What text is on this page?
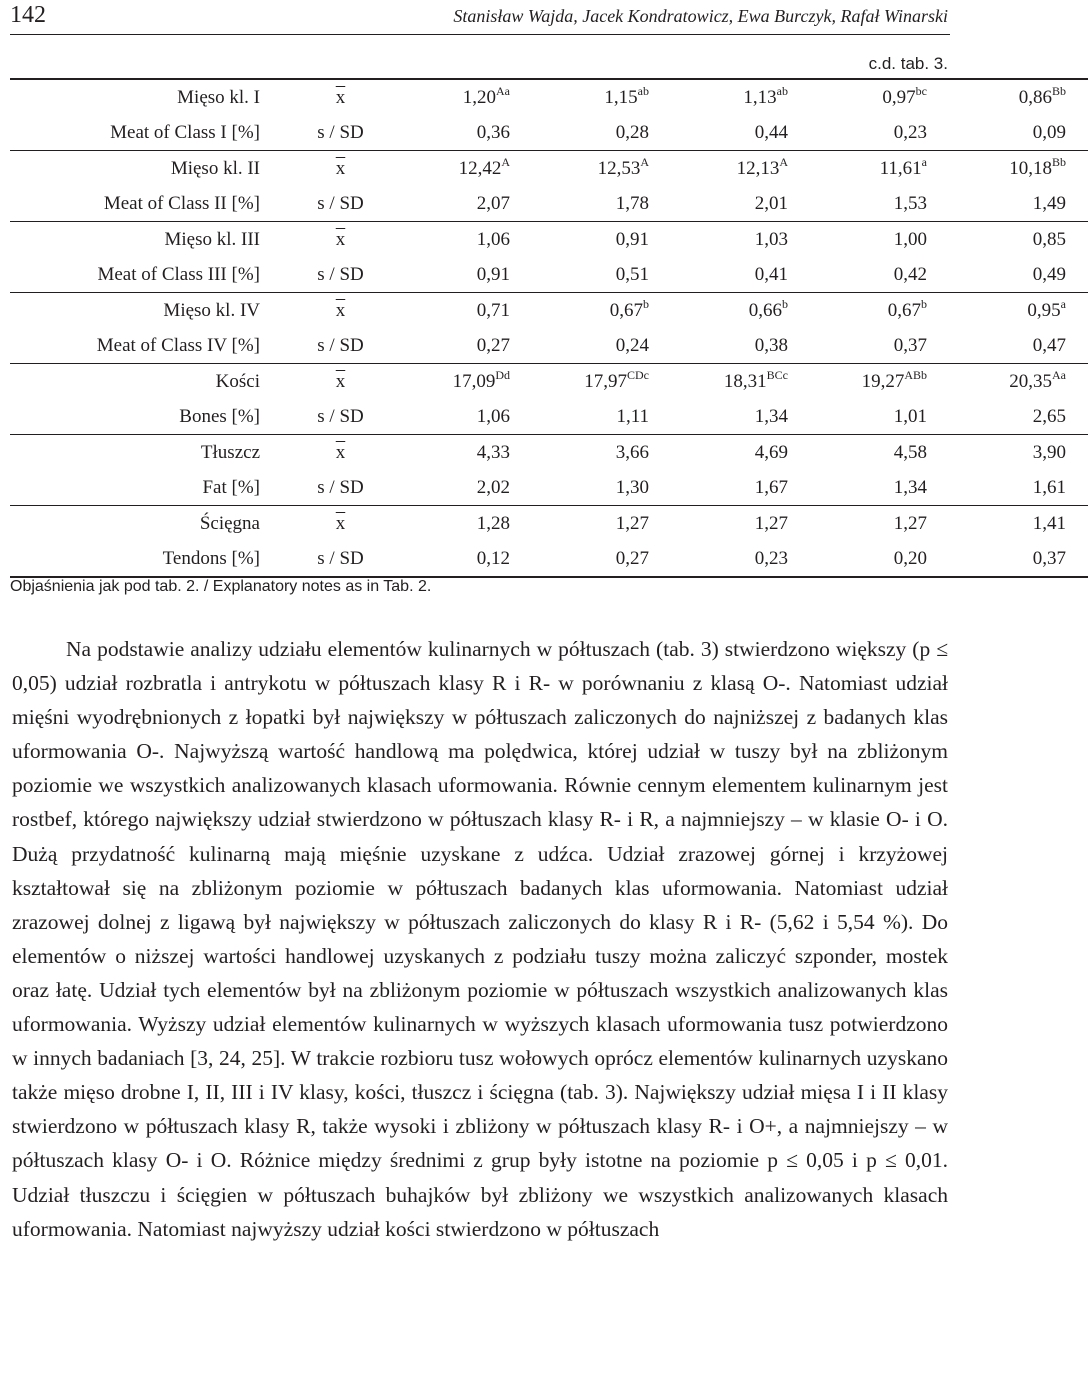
142	Stanisław Wajda, Jacek Kondratowicz, Ewa Burczyk, Rafał Winarski
c.d. tab. 3.
Mięso kl. I	$\overline{x}$	$1,20^{Aa}$	1,15$^{ab}$	1,13$^{ab}$	0,97$^{bc}$	$0,86^{Bb}$
Meat of Class I [%]	s / SD	0,36	0,28	0,44	0,23	0,09
Mięso kl. II	$\overline{x}$	$12,42^A$	$12,53^A$	$12,13^A$	11,61$^a$	$10,18^{Bb}$
Meat of Class II [%]	s / SD	2,07	1,78	2,01	1,53	1,49
Mięso kl. III	$\overline{x}$	1,06	0,91	1,03	1,00	0,85
Meat of Class III [%]	s / SD	0,91	0,51	0,41	0,42	0,49
Mięso kl. IV	$\overline{x}$	0,71	0,67$^b$	0,66$^b$	0,67$^b$	0,95$^a$
Meat of Class IV [%]	s / SD	0,27	0,24	0,38	0,37	0,47
Kości	$\overline{x}$	$17,09^{Dd}$	$17,97^{CDc}$	$18,31^{BCc}$	$19,27^{ABb}$	$20,35^{Aa}$
Bones [%]	s / SD	1,06	1,11	1,34	1,01	2,65
Tłuszcz	$\overline{x}$	4,33	3,66	4,69	4,58	3,90
Fat [%]	s / SD	2,02	1,30	1,67	1,34	1,61
Ścięgna	$\overline{x}$	1,28	1,27	1,27	1,27	1,41
Tendons [%]	s / SD	0,12	0,27	0,23	0,20	0,37
Objaśnienia jak pod tab. 2. / Explanatory notes as in Tab. 2.

Na podstawie analizy udziału elementów kulinarnych w półtuszach (tab. 3) stwierdzono większy (p ≤ 0,05) udział rozbratla i antrykotu w półtuszach klasy R i R- w porównaniu z klasą O-. Natomiast udział mięśni wyodrębnionych z łopatki był największy w półtuszach zaliczonych do najniższej z badanych klas uformowania O-. Najwyższą wartość handlową ma polędwica, której udział w tuszy był na zbliżonym poziomie we wszystkich analizowanych klasach uformowania. Równie cennym elementem kulinarnym jest rostbef, którego największy udział stwierdzono w półtuszach klasy R- i R, a najmniejszy – w klasie O- i O. Dużą przydatność kulinarną mają mięśnie uzyskane z udźca. Udział zrazowej górnej i krzyżowej kształtował się na zbliżonym poziomie w półtuszach badanych klas uformowania. Natomiast udział zrazowej dolnej z ligawą był największy w półtuszach zaliczonych do klasy R i R- (5,62 i 5,54 %). Do elementów o niższej wartości handlowej uzyskanych z podziału tuszy można zaliczyć szponder, mostek oraz łatę. Udział tych elementów był na zbliżonym poziomie w półtuszach wszystkich analizowanych klas uformowania. Wyższy udział elementów kulinarnych w wyższych klasach uformowania tusz potwierdzono w innych badaniach [3, 24, 25]. W trakcie rozbioru tusz wołowych oprócz elementów kulinarnych uzyskano także mięso drobne I, II, III i IV klasy, kości, tłuszcz i ścięgna (tab. 3). Największy udział mięsa I i II klasy stwierdzono w półtuszach klasy R, także wysoki i zbliżony w półtuszach klasy R- i O+, a najmniejszy – w półtuszach klasy O- i O. Różnice między średnimi z grup były istotne na poziomie p ≤ 0,05 i p ≤ 0,01. Udział tłuszczu i ścięgien w półtuszach buhajków był zbliżony we wszystkich analizowanych klasach uformowania. Natomiast najwyższy udział kości stwierdzono w półtuszach
